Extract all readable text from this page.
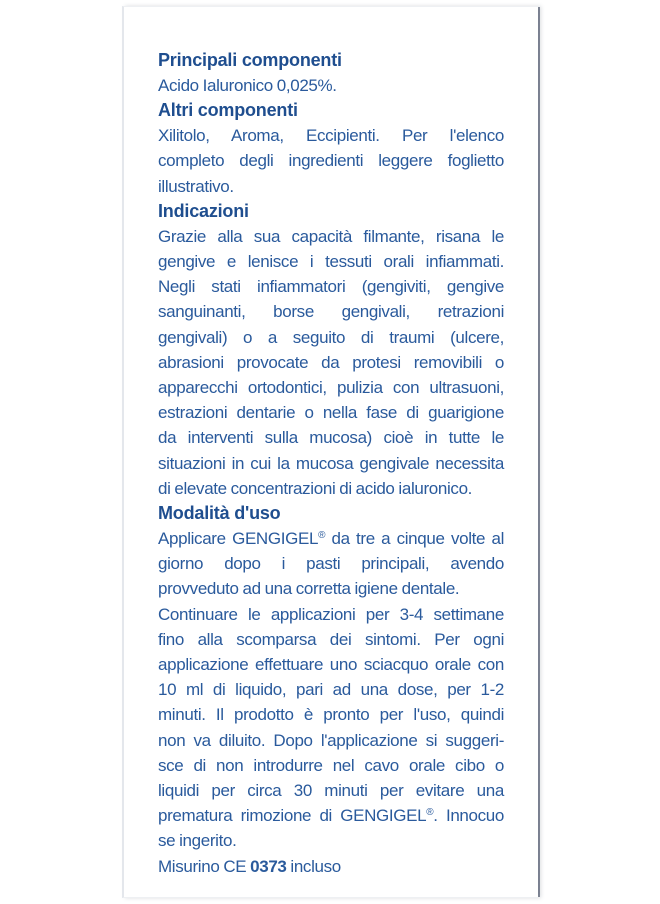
Principali componenti
Acido Ialuronico 0,025%.
Altri componenti
Xilitolo, Aroma, Eccipienti. Per l'elenco
completo degli ingredienti leggere foglietto
illustrativo.
Indicazioni
Grazie alla sua capacità filmante, risana le
gengive e lenisce i tessuti orali infiammati.
Negli stati infiammatori (gengiviti, gengive
sanguinanti, borse gengivali, retrazioni
gengivali) o a seguito di traumi (ulcere,
abrasioni provocate da protesi removibili o
apparecchi ortodontici, pulizia con ultrasuoni,
estrazioni dentarie o nella fase di guarigione
da interventi sulla mucosa) cioè in tutte le
situazioni in cui la mucosa gengivale necessita
di elevate concentrazioni di acido ialuronico.
Modalità d'uso
Applicare GENGIGEL® da tre a cinque volte al
giorno dopo i pasti principali, avendo
provveduto ad una corretta igiene dentale.
Continuare le applicazioni per 3-4 settimane
fino alla scomparsa dei sintomi. Per ogni
applicazione effettuare uno sciacquo orale con
10 ml di liquido, pari ad una dose, per 1-2
minuti. Il prodotto è pronto per l'uso, quindi
non va diluito. Dopo l'applicazione si suggeri-
sce di non introdurre nel cavo orale cibo o
liquidi per circa 30 minuti per evitare una
prematura rimozione di GENGIGEL®. Innocuo
se ingerito.
Misurino CE 0373 incluso
